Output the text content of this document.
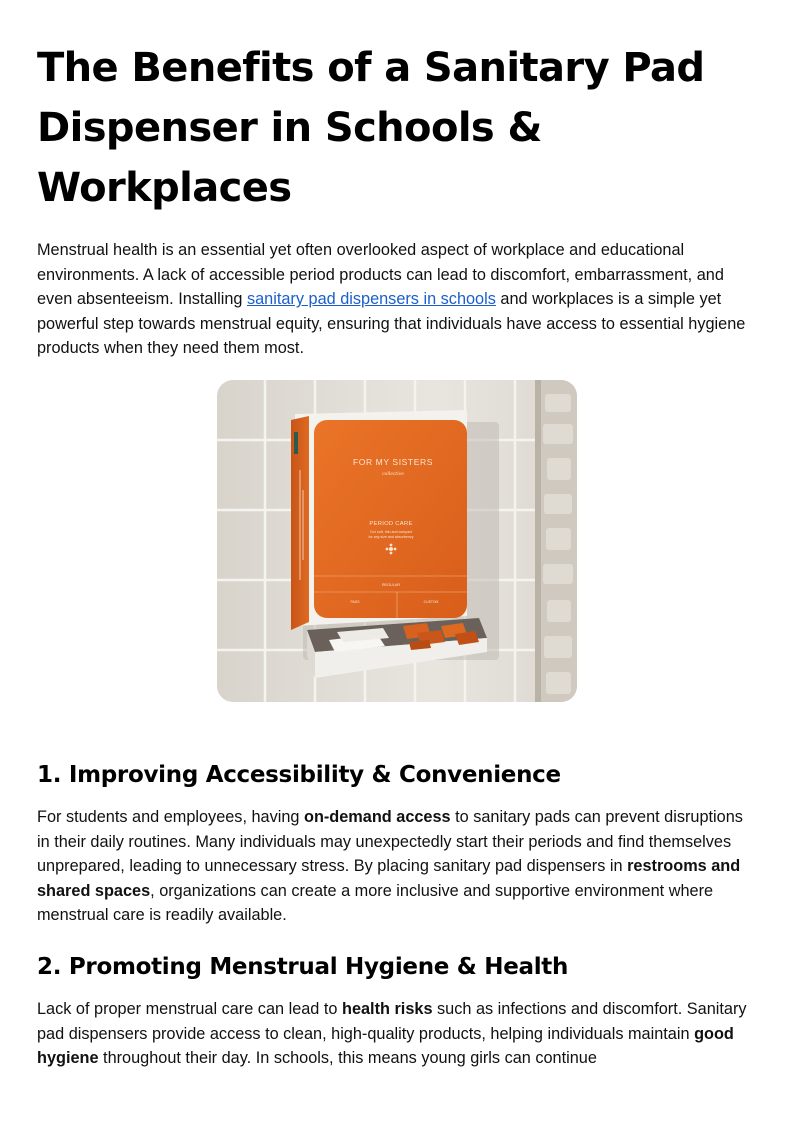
The Benefits of a Sanitary Pad Dispenser in Schools & Workplaces

Menstrual health is an essential yet often overlooked aspect of workplace and educational environments. A lack of accessible period products can lead to discomfort, embarrassment, and even absenteeism. Installing sanitary pad dispensers in schools and workplaces is a simple yet powerful step towards menstrual equity, ensuring that individuals have access to essential hygiene products when they need them most.

FOR MY SISTERS
collective
PERIOD CARE
Our soft, thin and compact
for any size and absorbency
REGULAR
PADS	CUSTOM
1. Improving Accessibility & Convenience

For students and employees, having on-demand access to sanitary pads can prevent disruptions in their daily routines. Many individuals may unexpectedly start their periods and find themselves unprepared, leading to unnecessary stress. By placing sanitary pad dispensers in restrooms and shared spaces, organizations can create a more inclusive and supportive environment where menstrual care is readily available.

2. Promoting Menstrual Hygiene & Health

Lack of proper menstrual care can lead to health risks such as infections and discomfort. Sanitary pad dispensers provide access to clean, high-quality products, helping individuals maintain good hygiene throughout their day. In schools, this means young girls can continue
